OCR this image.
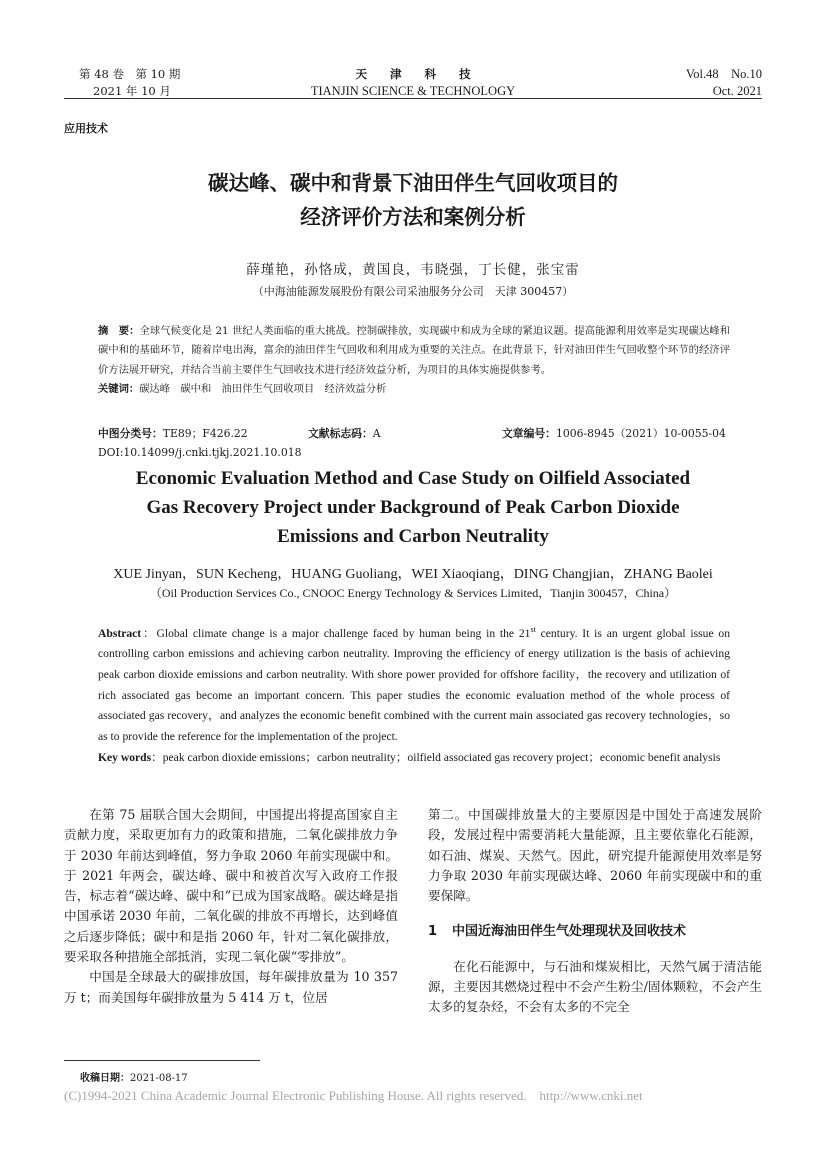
第 48 卷　第 10 期
2021 年 10 月
天　　津　　科　　技
TIANJIN SCIENCE & TECHNOLOGY
Vol.48　No.10
Oct. 2021
应用技术
碳达峰、碳中和背景下油田伴生气回收项目的
经济评价方法和案例分析
薛瑾艳，孙恪成，黄国良，韦晓强，丁长健，张宝雷
（中海油能源发展股份有限公司采油服务分公司　天津 300457）
摘　要：全球气候变化是 21 世纪人类面临的重大挑战。控制碳排放，实现碳中和成为全球的紧迫议题。提高能源利用效率是实现碳达峰和碳中和的基础环节，随着岸电出海，富余的油田伴生气回收和利用成为重要的关注点。在此背景下，针对油田伴生气回收整个环节的经济评价方法展开研究，并结合当前主要伴生气回收技术进行经济效益分析，为项目的具体实施提供参考。
关键词：碳达峰　碳中和　油田伴生气回收项目　经济效益分析
中图分类号：TE89；F426.22	文献标志码：A	文章编号：1006-8945（2021）10-0055-04
DOI:10.14099/j.cnki.tjkj.2021.10.018
Economic Evaluation Method and Case Study on Oilfield Associated
Gas Recovery Project under Background of Peak Carbon Dioxide
Emissions and Carbon Neutrality
XUE Jinyan，SUN Kecheng，HUANG Guoliang，WEI Xiaoqiang，DING Changjian，ZHANG Baolei
（Oil Production Services Co., CNOOC Energy Technology & Services Limited，Tianjin 300457，China）
Abstract：Global climate change is a major challenge faced by human being in the 21st century. It is an urgent global issue on controlling carbon emissions and achieving carbon neutrality. Improving the efficiency of energy utilization is the basis of achieving peak carbon dioxide emissions and carbon neutrality. With shore power provided for offshore facility，the recovery and utilization of rich associated gas become an important concern. This paper studies the economic evaluation method of the whole process of associated gas recovery，and analyzes the economic benefit combined with the current main associated gas recovery technologies，so as to provide the reference for the implementation of the project.
Key words：peak carbon dioxide emissions；carbon neutrality；oilfield associated gas recovery project；economic benefit analysis

在第 75 届联合国大会期间，中国提出将提高国家自主贡献力度，采取更加有力的政策和措施，二氧化碳排放力争于 2030 年前达到峰值，努力争取 2060 年前实现碳中和。于 2021 年两会，碳达峰、碳中和被首次写入政府工作报告，标志着“碳达峰、碳中和”已成为国家战略。碳达峰是指中国承诺 2030 年前，二氧化碳的排放不再增长，达到峰值之后逐步降低；碳中和是指 2060 年，针对二氧化碳排放，要采取各种措施全部抵消，实现二氧化碳“零排放”。

中国是全球最大的碳排放国，每年碳排放量为 10 357 万 t；而美国每年碳排放量为 5 414 万 t，位居

第二。中国碳排放量大的主要原因是中国处于高速发展阶段，发展过程中需要消耗大量能源，且主要依靠化石能源，如石油、煤炭、天然气。因此，研究提升能源使用效率是努力争取 2030 年前实现碳达峰、2060 年前实现碳中和的重要保障。

1 中国近海油田伴生气处理现状及回收技术

在化石能源中，与石油和煤炭相比，天然气属于清洁能源，主要因其燃烧过程中不会产生粉尘/固体颗粒，不会产生太多的复杂烃，不会有太多的不完全

收稿日期：2021-08-17
(C)1994-2021 China Academic Journal Electronic Publishing House. All rights reserved.　http://www.cnki.net
